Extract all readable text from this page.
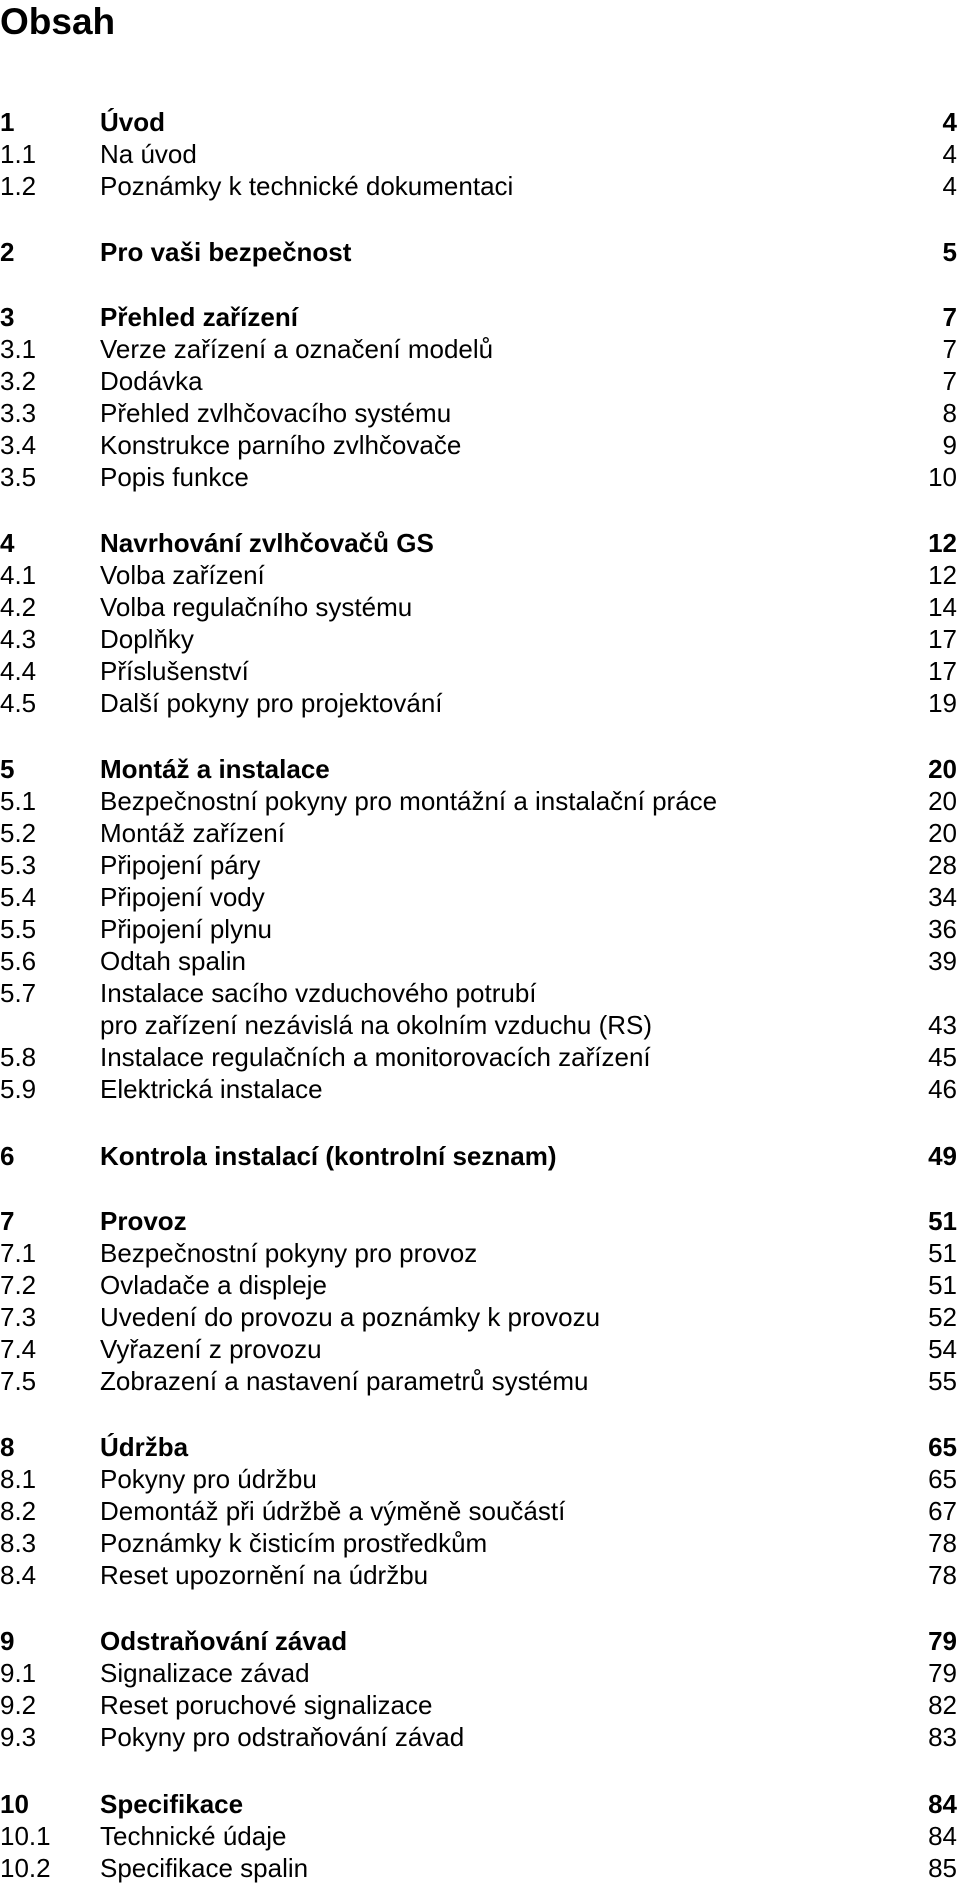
Obsah
1	Úvod	4
1.1 Na úvod	4
1.2 Poznámky k technické dokumentaci	4
2	Pro vaši bezpečnost	5
3	Přehled zařízení	7
3.1 Verze zařízení a označení modelů	7
3.2 Dodávka	7
3.3 Přehled zvlhčovacího systému	8
3.4 Konstrukce parního zvlhčovače	9
3.5 Popis funkce	10
4	Navrhování zvlhčovačů GS	12
4.1 Volba zařízení	12
4.2 Volba regulačního systému	14
4.3 Doplňky	17
4.4 Příslušenství	17
4.5 Další pokyny pro projektování	19
5	Montáž a instalace	20
5.1 Bezpečnostní pokyny pro montážní a instalační práce	20
5.2 Montáž zařízení	20
5.3 Připojení páry	28
5.4 Připojení vody	34
5.5 Připojení plynu	36
5.6 Odtah spalin	39
5.7 Instalace sacího vzduchového potrubí
pro zařízení nezávislá na okolním vzduchu (RS)	43
5.8 Instalace regulačních a monitorovacích zařízení	45
5.9 Elektrická instalace	46
6	Kontrola instalací (kontrolní seznam)	49
7	Provoz	51
7.1 Bezpečnostní pokyny pro provoz	51
7.2 Ovladače a displeje	51
7.3 Uvedení do provozu a poznámky k provozu	52
7.4 Vyřazení z provozu	54
7.5 Zobrazení a nastavení parametrů systému	55
8	Údržba	65
8.1 Pokyny pro údržbu	65
8.2 Demontáž při údržbě a výměně součástí	67
8.3 Poznámky k čisticím prostředkům	78
8.4 Reset upozornění na údržbu	78
9	Odstraňování závad	79
9.1 Signalizace závad	79
9.2 Reset poruchové signalizace	82
9.3 Pokyny pro odstraňování závad	83
10	Specifikace	84
10.1 Technické údaje	84
10.2 Specifikace spalin	85
